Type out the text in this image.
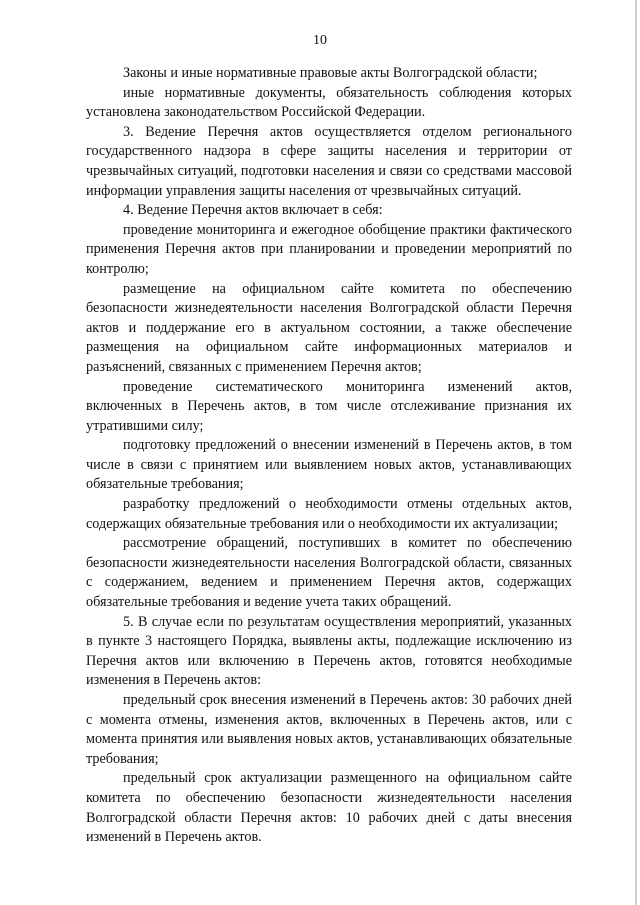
10

Законы и иные нормативные правовые акты Волгоградской области;

иные нормативные документы, обязательность соблюдения которых установлена законодательством Российской Федерации.

3. Ведение Перечня актов осуществляется отделом регионального государственного надзора в сфере защиты населения и территории от чрезвычайных ситуаций, подготовки населения и связи со средствами массовой информации управления защиты населения от чрезвычайных ситуаций.

4. Ведение Перечня актов включает в себя:

проведение мониторинга и ежегодное обобщение практики фактического применения Перечня актов при планировании и проведении мероприятий по контролю;

размещение на официальном сайте комитета по обеспечению безопасности жизнедеятельности населения Волгоградской области Перечня актов и поддержание его в актуальном состоянии, а также обеспечение размещения на официальном сайте информационных материалов и разъяснений, связанных с применением Перечня актов;

проведение систематического мониторинга изменений актов, включенных в Перечень актов, в том числе отслеживание признания их утратившими силу;

подготовку предложений о внесении изменений в Перечень актов, в том числе в связи с принятием или выявлением новых актов, устанавливающих обязательные требования;

разработку предложений о необходимости отмены отдельных актов, содержащих обязательные требования или о необходимости их актуализации;

рассмотрение обращений, поступивших в комитет по обеспечению безопасности жизнедеятельности населения Волгоградской области, связанных с содержанием, ведением и применением Перечня актов, содержащих обязательные требования и ведение учета таких обращений.

5. В случае если по результатам осуществления мероприятий, указанных в пункте 3 настоящего Порядка, выявлены акты, подлежащие исключению из Перечня актов или включению в Перечень актов, готовятся необходимые изменения в Перечень актов:

предельный срок внесения изменений в Перечень актов: 30 рабочих дней с момента отмены, изменения актов, включенных в Перечень актов, или с момента принятия или выявления новых актов, устанавливающих обязательные требования;

предельный срок актуализации размещенного на официальном сайте комитета по обеспечению безопасности жизнедеятельности населения Волгоградской области Перечня актов: 10 рабочих дней с даты внесения изменений в Перечень актов.
